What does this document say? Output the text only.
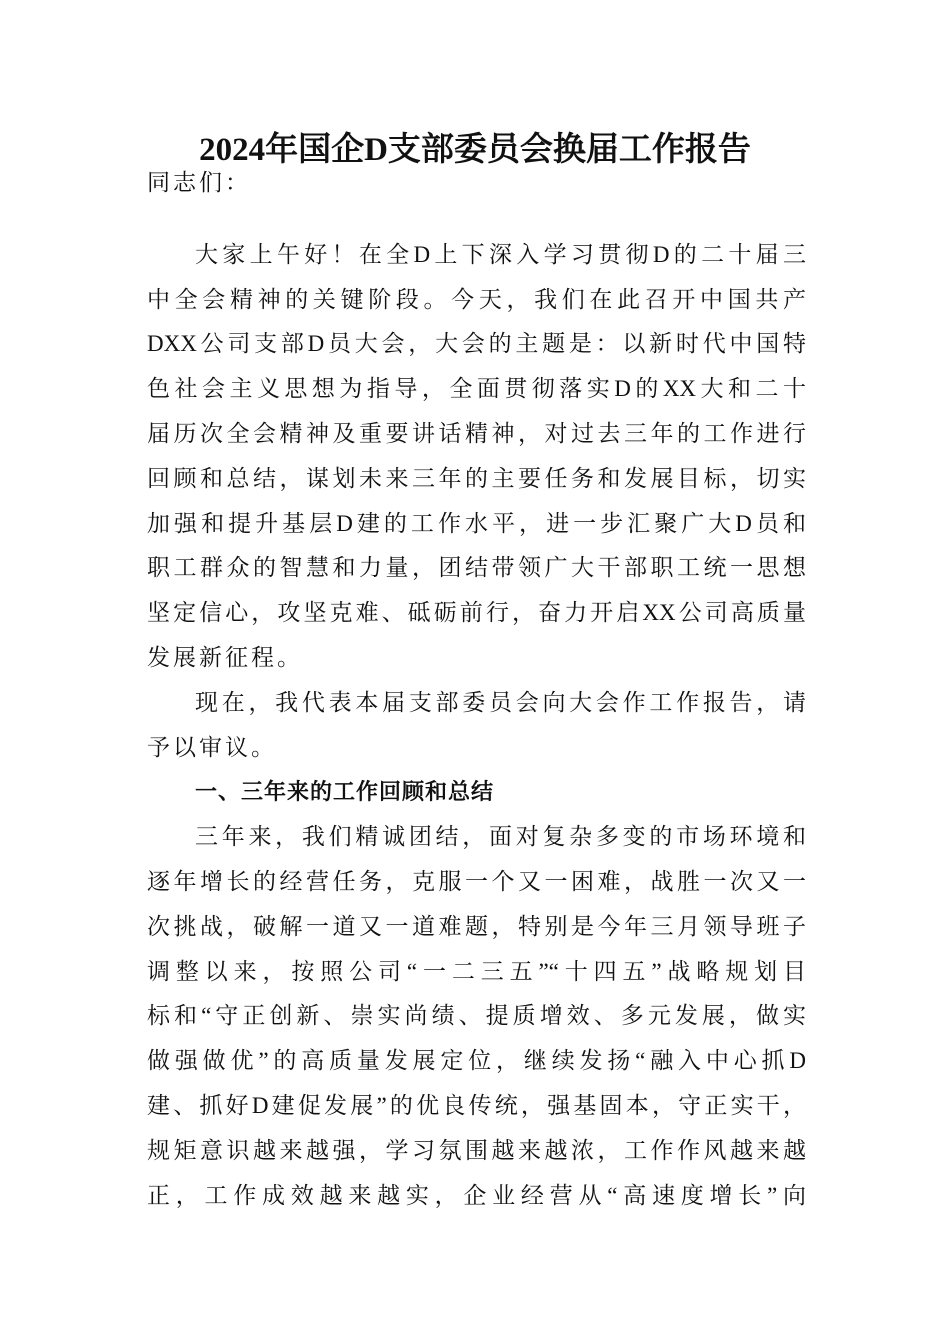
2024年国企D支部委员会换届工作报告
同志们：
大家上午好！在全D上下深入学习贯彻D的二十届三
中全会精神的关键阶段。今天，我们在此召开中国共产
DXX公司支部D员大会，大会的主题是：以新时代中国特
色社会主义思想为指导，全面贯彻落实D的XX大和二十
届历次全会精神及重要讲话精神，对过去三年的工作进行
回顾和总结，谋划未来三年的主要任务和发展目标，切实
加强和提升基层D建的工作水平，进一步汇聚广大D员和
职工群众的智慧和力量，团结带领广大干部职工统一思想
坚定信心，攻坚克难、砥砺前行，奋力开启XX公司高质量
发展新征程。
现在，我代表本届支部委员会向大会作工作报告，请
予以审议。
一、三年来的工作回顾和总结
三年来，我们精诚团结，面对复杂多变的市场环境和
逐年增长的经营任务，克服一个又一困难，战胜一次又一
次挑战，破解一道又一道难题，特别是今年三月领导班子
调整以来，按照公司“一二三五”“十四五”战略规划目
标和“守正创新、崇实尚绩、提质增效、多元发展，做实
做强做优”的高质量发展定位，继续发扬“融入中心抓D
建、抓好D建促发展”的优良传统，强基固本，守正实干，
规矩意识越来越强，学习氛围越来越浓，工作作风越来越
正，工作成效越来越实，企业经营从“高速度增长”向
